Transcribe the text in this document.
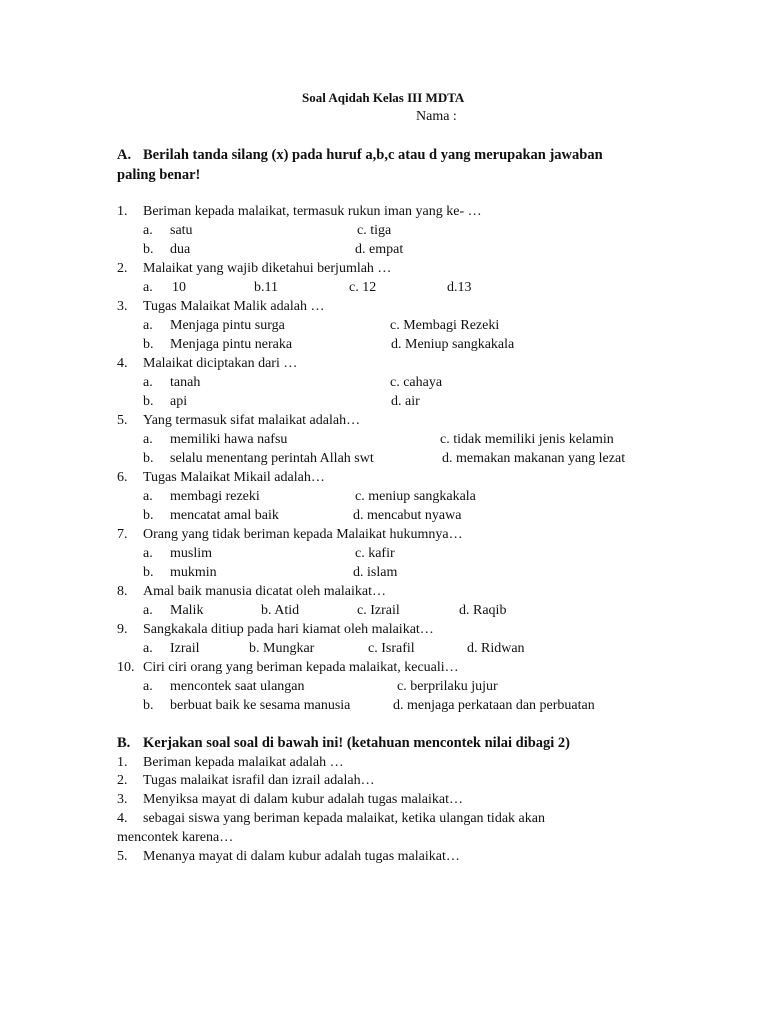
Soal Aqidah Kelas III MDTA
Nama :
A. Berilah tanda silang (x) pada huruf a,b,c atau d yang merupakan jawaban
paling benar!
1. Beriman kepada malaikat, termasuk rukun iman yang ke- …
a. satu	c. tiga
b. dua	d. empat
2. Malaikat yang wajib diketahui berjumlah …
a. 10	b.11	c. 12	d.13
3. Tugas Malaikat Malik adalah …
a. Menjaga pintu surga	c. Membagi Rezeki
b. Menjaga pintu neraka	d. Meniup sangkakala
4. Malaikat diciptakan dari …
a. tanah	c. cahaya
b. api	d. air
5. Yang termasuk sifat malaikat adalah…
a. memiliki hawa nafsu	c. tidak memiliki jenis kelamin
b. selalu menentang perintah Allah swt	d. memakan makanan yang lezat
6. Tugas Malaikat Mikail adalah…
a. membagi rezeki	c. meniup sangkakala
b. mencatat amal baik	d. mencabut nyawa
7. Orang yang tidak beriman kepada Malaikat hukumnya…
a. muslim	c. kafir
b. mukmin	d. islam
8. Amal baik manusia dicatat oleh malaikat…
a. Malik	b. Atid	c. Izrail	d. Raqib
9. Sangkakala ditiup pada hari kiamat oleh malaikat…
a. Izrail	b. Mungkar	c. Israfil	d. Ridwan
10. Ciri ciri orang yang beriman kepada malaikat, kecuali…
a. mencontek saat ulangan	c. berprilaku jujur
b. berbuat baik ke sesama manusia	d. menjaga perkataan dan perbuatan
B. Kerjakan soal soal di bawah ini! (ketahuan mencontek nilai dibagi 2)
1. Beriman kepada malaikat adalah …
2. Tugas malaikat israfil dan izrail adalah…
3. Menyiksa mayat di dalam kubur adalah tugas malaikat…
4. sebagai siswa yang beriman kepada malaikat, ketika ulangan tidak akan
mencontek karena…
5. Menanya mayat di dalam kubur adalah tugas malaikat…
